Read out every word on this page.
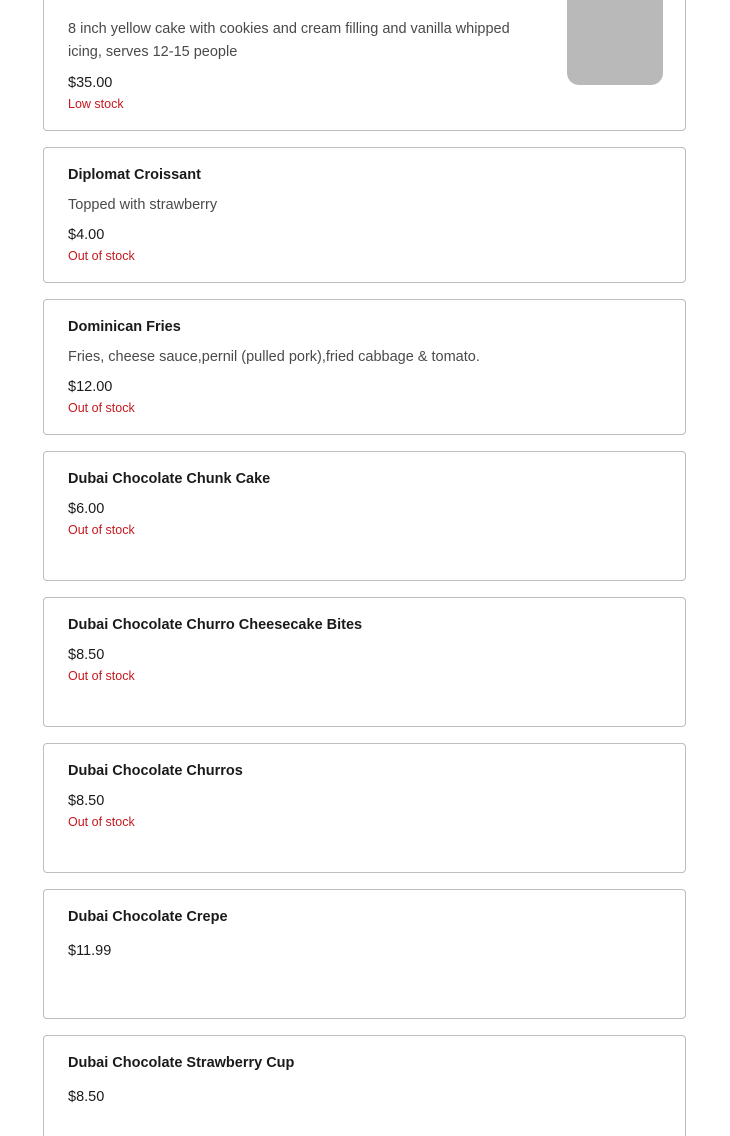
8 inch yellow cake with cookies and cream filling and vanilla whipped icing, serves 12-15 people
$35.00
Low stock
Diplomat Croissant
Topped with strawberry
$4.00
Out of stock
Dominican Fries
Fries, cheese sauce,pernil (pulled pork),fried cabbage & tomato.
$12.00
Out of stock
Dubai Chocolate Chunk Cake
$6.00
Out of stock
Dubai Chocolate Churro Cheesecake Bites
$8.50
Out of stock
Dubai Chocolate Churros
$8.50
Out of stock
Dubai Chocolate Crepe
$11.99
Dubai Chocolate Strawberry Cup
$8.50
